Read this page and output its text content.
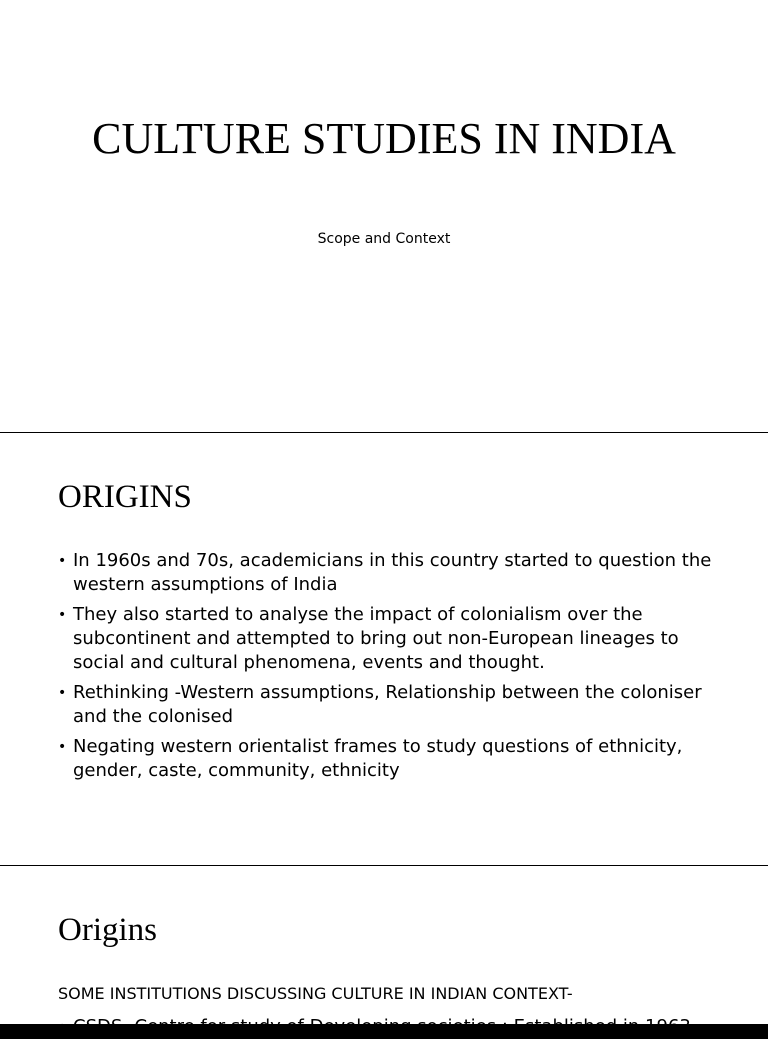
CULTURE STUDIES IN INDIA
Scope and Context
ORIGINS
• In 1960s and 70s, academicians in this country started to question the western assumptions of India
• They also started to analyse the impact of colonialism over the subcontinent and attempted to bring out non-European lineages to social and cultural phenomena, events and thought.
• Rethinking -Western assumptions, Relationship between the coloniser and the colonised
• Negating western orientalist frames to study questions of ethnicity, gender, caste, community, ethnicity
Origins
SOME INSTITUTIONS DISCUSSING CULTURE IN INDIAN CONTEXT-
• CSDS- Centre for study of Developing societies : Established in 1963
